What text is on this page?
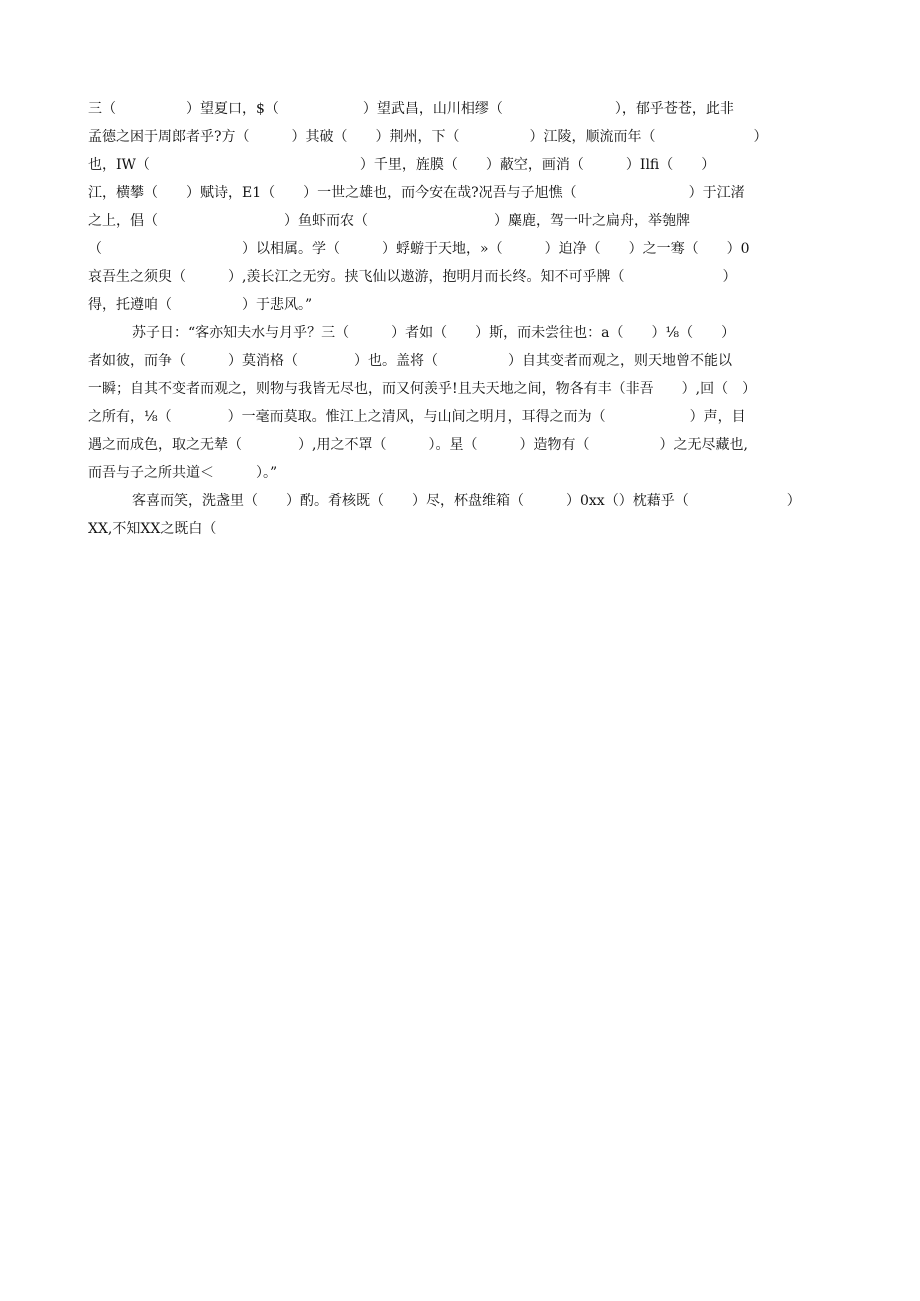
三（　　　　　）望夏口，$（　　　　　　）望武昌，山川相缪（　　　　　　　　），郁乎苍苍，此非
孟德之困于周郎者乎?方（　　　）其破（　　）荆州，下（　　　　　）江陵，顺流而年（　　　　　　　）
也，IW（　　　　　　　　　　　　　　　）千里，旌膜（　　）蔽空，画消（　　　）Ilfi（　　）
江，横攀（　　）赋诗，E1（　　）一世之雄也，而今安在哉?况吾与子旭憔（　　　　　　　　）于江渚
之上，倡（　　　　　　　　　）鱼虾而农（　　　　　　　　　）麋鹿，驾一叶之扁舟，举匏牌
（　　　　　　　　　　）以相属。学（　　　）蜉蝣于天地，»（　　　）迫净（　　）之一骞（　　）0
哀吾生之须臾（　　　）,羡长江之无穷。挟飞仙以遨游，抱明月而长终。知不可乎牌（　　　　　　　）
得，托遵咱（　　　　　）于悲风。”
苏子日：“客亦知夫水与月乎？三（　　　）者如（　　）斯，而未尝往也：a（　　）⅛（　　）
者如彼，而争（　　　）莫消格（　　　　）也。盖将（　　　　　）自其变者而观之，则天地曾不能以
一瞬；自其不变者而观之，则物与我皆无尽也，而又何羡乎!且夫天地之间，物各有丰（非吾　　）,回（　）
之所有，⅛（　　　　）一毫而莫取。惟江上之清风，与山间之明月，耳得之而为（　　　　　　）声，目
遇之而成色，取之无辇（　　　　）,用之不罩（　　　）。星（　　　）造物有（　　　　　）之无尽藏也,
而吾与子之所共道＜　　　）。”
客喜而笑，洗盏里（　　）酌。肴核既（　　）尽，杯盘维箱（　　　）0xx（）枕藉乎（　　　　　　　）
XX,不知XX之既白（
